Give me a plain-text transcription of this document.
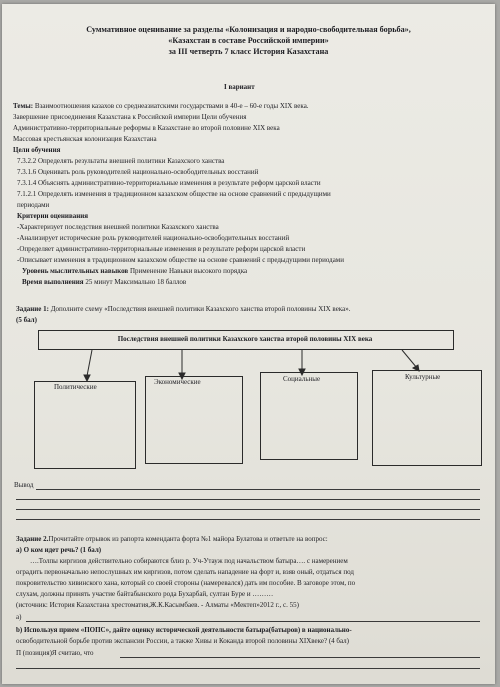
Суммативное оценивание за разделы «Колонизация и народно-свободительная борьба»,
«Казахстан в составе Российской империи»
за III четверть 7 класс История Казахстана
I вариант
Темы: Взаимоотношения казахов со среднеазиатскими государствами в 40-е – 60-е годы XIX века.
Завершение присоединения Казахстана к Российской империи Цели обучения
Административно-территориальные реформы в Казахстане во второй половине XIX века
Массовая крестьянская колонизация Казахстана
Цели обучения
7.3.2.2 Определять результаты внешней политики Казахского ханства
7.3.1.6 Оценивать роль руководителей национально-освободительных восстаний
7.3.1.4 Объяснять административно-территориальные изменения в результате реформ царской власти
7.1.2.1 Определять изменения в традиционном казахском обществе на основе сравнений с предыдущими
периодами
Критерии оценивания
-Характеризует последствия внешней политики Казахского ханства
-Анализирует исторические роль руководителей национально-освободительных восстаний
-Определяет административно-территориальные изменения в результате реформ царской власти
-Описывает изменения в традиционном казахском обществе на основе сравнений с предыдущими периодами
Уровень мыслительных навыков Применение Навыки высокого порядка
Время выполнения 25 минут Максимально 18 баллов
Задание 1: Дополните схему «Последствия внешней политики Казахского ханства второй половины XIX века».
(5 бал)
Последствия внешней политики Казахского ханства второй половины XIX века
Политические
Экономические	Социальные	Культурные
Вывод
Задание 2.Прочитайте отрывок из рапорта коменданта форта №1 майора Булатова и ответьте на вопрос:
а) О ком идет речь? (1 бал)
….Толпы киргизов действительно собираются близ р. Уч-Утауж под начальством батыра…. с намерением
оградить первоначально непослушных им киргизов, потом сделать нападение на форт и, взяв оный, отдаться под
покровительство хивинского хана, который со своей стороны (намеревался) дать им пособие. В заговоре этом, по
слухам, должны принять участие байтабынского рода Бухарбай, султан Буре и ………
(источник: История Казахстана хрестоматия,Ж.К.Касымбаев. - Алматы «Мектеп»2012 г., с. 55)
а)
b) Используя прием «ПОПС», дайте оценку исторической деятельности батыра(батыров) в национально-
освободительной борьбе против экспансии России, а также Хивы и Коканда второй половины XIXвеке? (4 бал)
П (позиция)Я считаю, что
